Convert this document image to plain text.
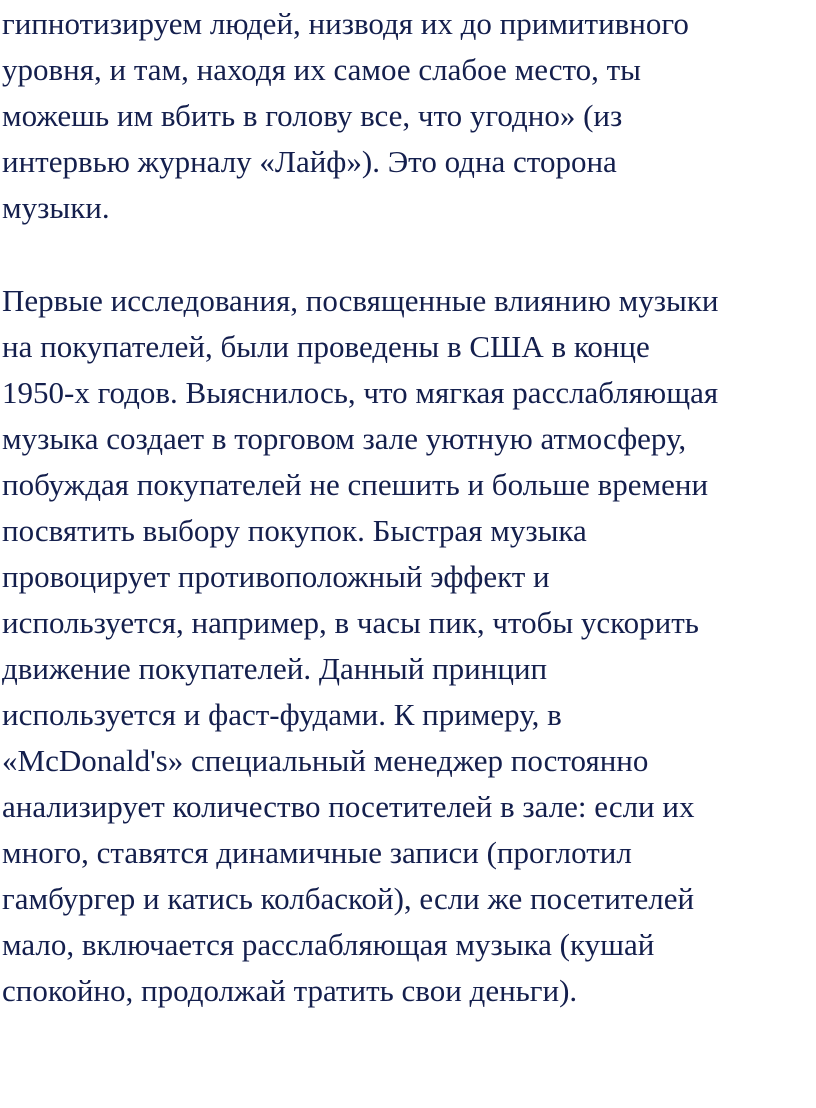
гипнотизируем людей, низводя их до примитивного
уровня, и там, находя их самое слабое место, ты
можешь им вбить в голову все, что угодно» (из
интервью журналу «Лайф»). Это одна сторона
музыки.
Первые исследования, посвященные влиянию музыки
на покупателей, были проведены в США в конце
1950-х годов. Выяснилось, что мягкая расслабляющая
музыка создает в торговом зале уютную атмосферу,
побуждая покупателей не спешить и больше времени
посвятить выбору покупок. Быстрая музыка
провоцирует противоположный эффект и
используется, например, в часы пик, чтобы ускорить
движение покупателей. Данный принцип
используется и фаст-фудами. К примеру, в
«McDonald's» специальный менеджер постоянно
анализирует количество посетителей в зале: если их
много, ставятся динамичные записи (проглотил
гамбургер и катись колбаской), если же посетителей
мало, включается расслабляющая музыка (кушай
спокойно, продолжай тратить свои деньги).
